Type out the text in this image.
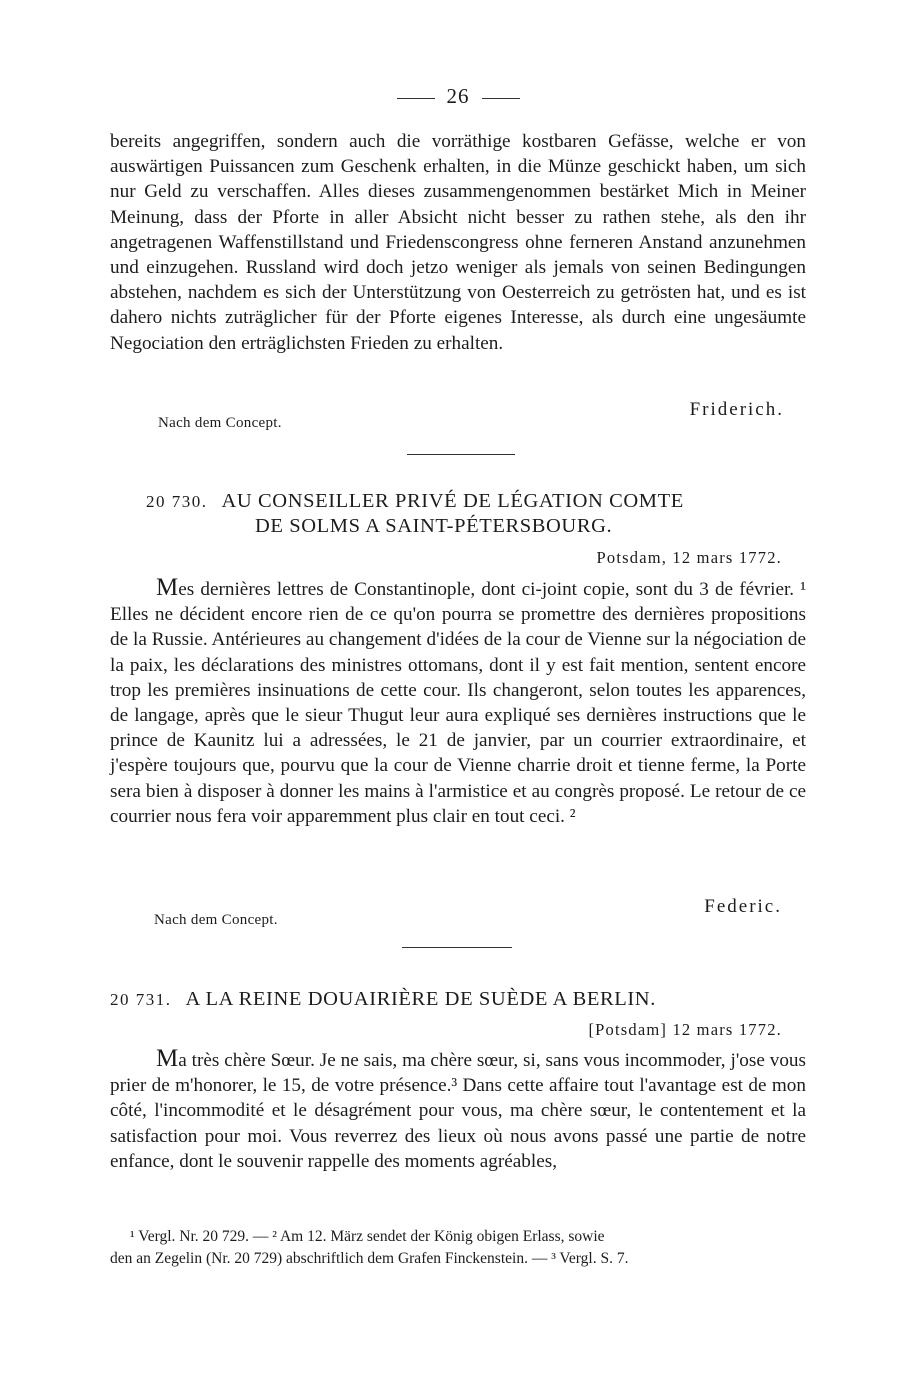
26

bereits angegriffen, sondern auch die vorräthige kostbaren Gefässe, welche er von auswärtigen Puissancen zum Geschenk erhalten, in die Münze geschickt haben, um sich nur Geld zu verschaffen. Alles dieses zusammengenommen bestärket Mich in Meiner Meinung, dass der Pforte in aller Absicht nicht besser zu rathen stehe, als den ihr angetragenen Waffenstillstand und Friedenscongress ohne ferneren Anstand anzunehmen und einzugehen. Russland wird doch jetzo weniger als jemals von seinen Bedingungen abstehen, nachdem es sich der Unterstützung von Oesterreich zu getrösten hat, und es ist dahero nichts zuträglicher für der Pforte eigenes Interesse, als durch eine ungesäumte Negociation den erträglichsten Frieden zu erhalten.

Friderich.
Nach dem Concept.
20 730. AU CONSEILLER PRIVÉ DE LÉGATION COMTE
DE SOLMS A SAINT-PÉTERSBOURG.
Potsdam, 12 mars 1772.

Mes dernières lettres de Constantinople, dont ci-joint copie, sont du 3 de février. ¹ Elles ne décident encore rien de ce qu'on pourra se promettre des dernières propositions de la Russie. Antérieures au changement d'idées de la cour de Vienne sur la négociation de la paix, les déclarations des ministres ottomans, dont il y est fait mention, sentent encore trop les premières insinuations de cette cour. Ils changeront, selon toutes les apparences, de langage, après que le sieur Thugut leur aura expliqué ses dernières instructions que le prince de Kaunitz lui a adressées, le 21 de janvier, par un courrier extraordinaire, et j'espère toujours que, pourvu que la cour de Vienne charrie droit et tienne ferme, la Porte sera bien à disposer à donner les mains à l'armistice et au congrès proposé. Le retour de ce courrier nous fera voir apparemment plus clair en tout ceci. ²

Federic.
Nach dem Concept.
20 731. A LA REINE DOUAIRIÈRE DE SUÈDE A BERLIN.
[Potsdam] 12 mars 1772.

Ma très chère Sœur. Je ne sais, ma chère sœur, si, sans vous incommoder, j'ose vous prier de m'honorer, le 15, de votre présence.³ Dans cette affaire tout l'avantage est de mon côté, l'incommodité et le désagrément pour vous, ma chère sœur, le contentement et la satisfaction pour moi. Vous reverrez des lieux où nous avons passé une partie de notre enfance, dont le souvenir rappelle des moments agréables,

¹ Vergl. Nr. 20 729. — ² Am 12. März sendet der König obigen Erlass, sowie
den an Zegelin (Nr. 20 729) abschriftlich dem Grafen Finckenstein. — ³ Vergl. S. 7.
